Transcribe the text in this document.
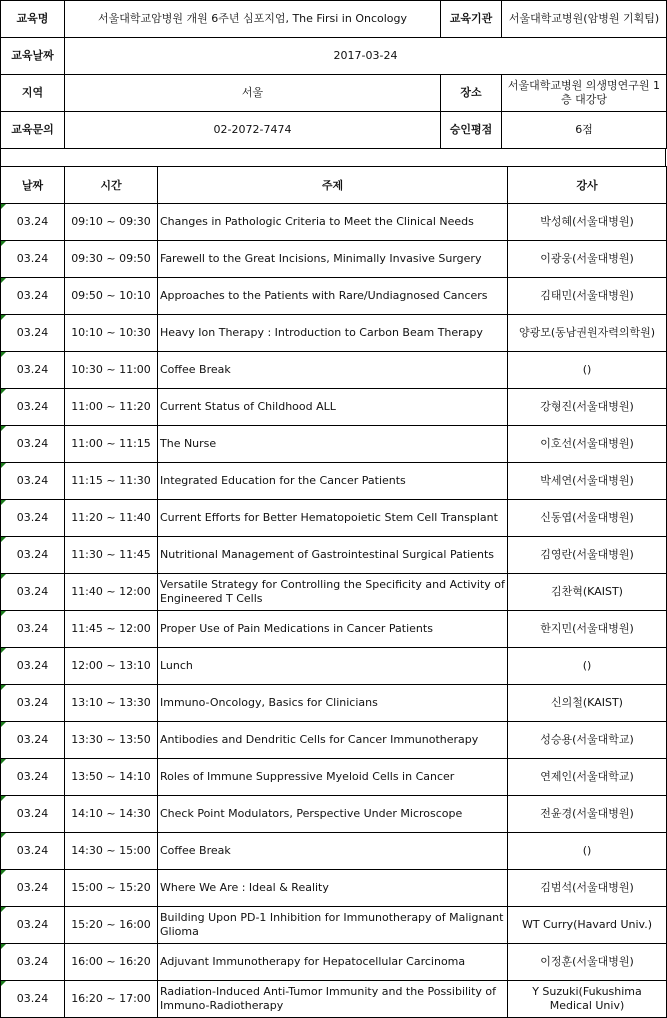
교육명	서울대학교암병원 개원 6주년 심포지엄, The Firsi in Oncology	교육기관	서울대학교병원(암병원 기획팀)
교육날짜	2017-03-24		
지역	서울	장소	서울대학교병원 의생명연구원 1층 대강당
교육문의	02-2072-7474	승인평점	6점
날짜	시간	주제	강사

03.24	09:10 ~ 09:30	Changes in Pathologic Criteria to Meet the Clinical Needs	박성혜(서울대병원)

03.24	09:30 ~ 09:50	Farewell to the Great Incisions, Minimally Invasive Surgery	이광웅(서울대병원)

03.24	09:50 ~ 10:10	Approaches to the Patients with Rare/Undiagnosed Cancers	김태민(서울대병원)

03.24	10:10 ~ 10:30	Heavy Ion Therapy : Introduction to Carbon Beam Therapy	양광모(동남권원자력의학원)

03.24	10:30 ~ 11:00	Coffee Break	()

03.24	11:00 ~ 11:20	Current Status of Childhood ALL	강형진(서울대병원)

03.24	11:00 ~ 11:15	The Nurse	이호선(서울대병원)

03.24	11:15 ~ 11:30	Integrated Education for the Cancer Patients	박세연(서울대병원)

03.24	11:20 ~ 11:40	Current Efforts for Better Hematopoietic Stem Cell Transplant	신동엽(서울대병원)

03.24	11:30 ~ 11:45	Nutritional Management of Gastrointestinal Surgical Patients	김영란(서울대병원)

03.24	11:40 ~ 12:00	Versatile Strategy for Controlling the Specificity and Activity of Engineered T Cells	김찬혁(KAIST)

03.24	11:45 ~ 12:00	Proper Use of Pain Medications in Cancer Patients	한지민(서울대병원)

03.24	12:00 ~ 13:10	Lunch	()

03.24	13:10 ~ 13:30	Immuno-Oncology, Basics for Clinicians	신의철(KAIST)

03.24	13:30 ~ 13:50	Antibodies and Dendritic Cells for Cancer Immunotherapy	성승용(서울대학교)

03.24	13:50 ~ 14:10	Roles of Immune Suppressive Myeloid Cells in Cancer	연제인(서울대학교)

03.24	14:10 ~ 14:30	Check Point Modulators, Perspective Under Microscope	전윤경(서울대병원)

03.24	14:30 ~ 15:00	Coffee Break	()

03.24	15:00 ~ 15:20	Where We Are : Ideal & Reality	김범석(서울대병원)

03.24	15:20 ~ 16:00	Building Upon PD-1 Inhibition for Immunotherapy of Malignant Glioma	WT Curry(Havard Univ.)

03.24	16:00 ~ 16:20	Adjuvant Immunotherapy for Hepatocellular Carcinoma	이정훈(서울대병원)

03.24	16:20 ~ 17:00	Radiation-Induced Anti-Tumor Immunity and the Possibility of Immuno-Radiotherapy	Y Suzuki(Fukushima Medical Univ)
